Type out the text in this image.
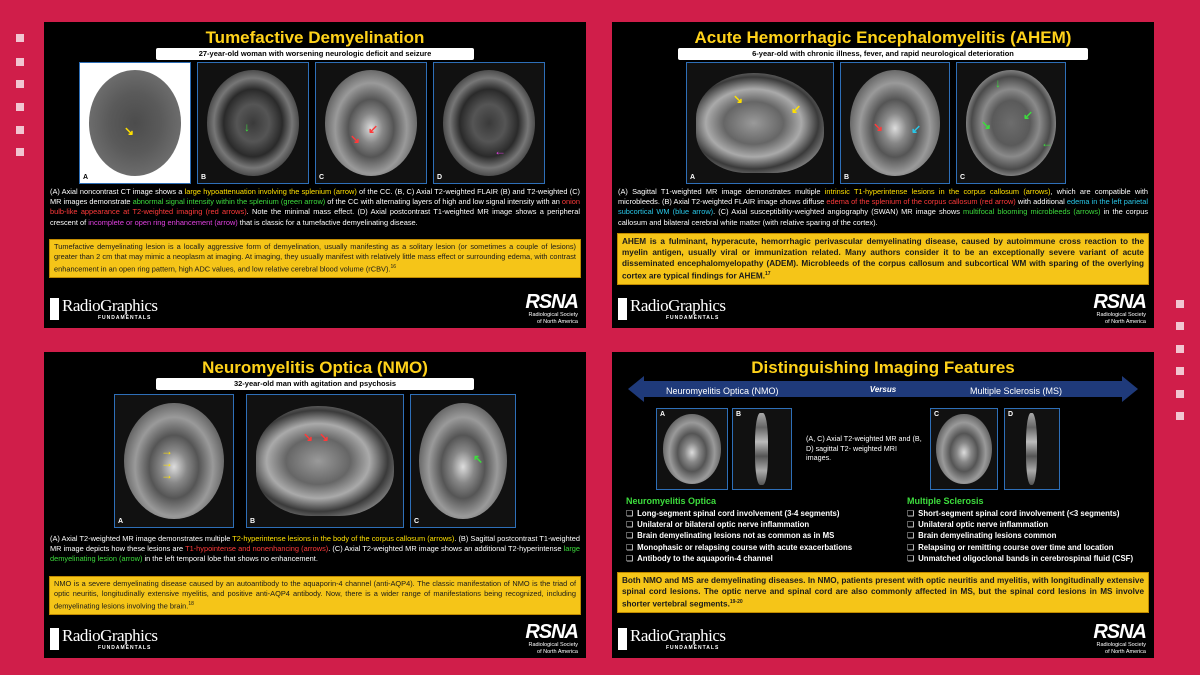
Tumefactive Demyelination
27-year-old woman with worsening neurologic deficit and seizure
↘
A
↓
B
↙
↘
C
←
D
(A) Axial noncontrast CT image shows a large hypoattenuation involving the splenium (arrow) of the CC. (B, C) Axial T2-weighted FLAIR (B) and T2-weighted (C) MR images demonstrate abnormal signal intensity within the splenium (green arrow) of the CC with alternating layers of high and low signal intensity with an onion bulb-like appearance at T2-weighted imaging (red arrows). Note the minimal mass effect. (D) Axial postcontrast T1-weighted MR image shows a peripheral crescent of incomplete or open ring enhancement (arrow) that is classic for a tumefactive demyelinating disease.
Tumefactive demyelinating lesion is a locally aggressive form of demyelination, usually manifesting as a solitary lesion (or sometimes a couple of lesions) greater than 2 cm that may mimic a neoplasm at imaging. At imaging, they usually manifest with relatively little mass effect or surrounding edema, with contrast enhancement in an open ring pattern, high ADC values, and low relative cerebral blood volume (rCBV).$^{16}$
RadioGraphics
FUNDAMENTALS
RSNA
Radiological Society
of North America
Acute Hemorrhagic Encephalomyelitis (AHEM)
6-year-old with chronic illness, fever, and rapid neurological deterioration
↘
↙
A
↘ ↙
B
↓
↘
↙
←
C
(A) Sagittal T1-weighted MR image demonstrates multiple intrinsic T1-hyperintense lesions in the corpus callosum (arrows), which are compatible with microbleeds. (B) Axial T2-weighted FLAIR image shows diffuse edema of the splenium of the corpus callosum (red arrow) with additional edema in the left parietal subcortical WM (blue arrow). (C) Axial susceptibility-weighted angiography (SWAN) MR image shows multifocal blooming microbleeds (arrows) in the corpus callosum and bilateral cerebral white matter (with relative sparing of the cortex).
AHEM is a fulminant, hyperacute, hemorrhagic perivascular demyelinating disease, caused by autoimmune cross reaction to the myelin antigen, usually viral or immunization related. Many authors consider it to be an exceptionally severe variant of acute disseminated encephalomyelopathy (ADEM). Microbleeds of the corpus callosum and subcortical WM with sparing of the overlying cortex are typical findings for AHEM.$^{17}$
RadioGraphics
FUNDAMENTALS
RSNA
Radiological Society
of North America
Neuromyelitis Optica (NMO)
32-year-old man with agitation and psychosis
→
→
→
A
↘ ↘
B
↖
C
(A) Axial T2-weighted MR image demonstrates multiple T2-hyperintense lesions in the body of the corpus callosum (arrows). (B) Sagittal postcontrast T1-weighted MR image depicts how these lesions are T1-hypointense and nonenhancing (arrows). (C) Axial T2-weighted MR image shows an additional T2-hyperintense large demyelinating lesion (arrow) in the left temporal lobe that shows no enhancement.
NMO is a severe demyelinating disease caused by an autoantibody to the aquaporin-4 channel (anti-AQP4). The classic manifestation of NMO is the triad of optic neuritis, longitudinally extensive myelitis, and positive anti-AQP4 antibody. Now, there is a wider range of manifestations being recognized, including demyelinating lesions involving the brain.$^{18}$
RadioGraphics
FUNDAMENTALS
RSNA
Radiological Society
of North America
Distinguishing Imaging Features
Neuromyelitis Optica (NMO)	Versus	Multiple Sclerosis (MS)
A	B
(A, C) Axial T2-weighted MR and (B, D) sagittal T2- weighted MRI images.
C	D
Neuromyelitis Optica
❏ Long-segment spinal cord involvement (3-4 segments)
❏ Unilateral or bilateral optic nerve inflammation
❏ Brain demyelinating lesions not as common as in MS
❏ Monophasic or relapsing course with acute exacerbations
❏ Antibody to the aquaporin-4 channel
Multiple Sclerosis
❏ Short-segment spinal cord involvement (<3 segments)
❏ Unilateral optic nerve inflammation
❏ Brain demyelinating lesions common
❏ Relapsing or remitting course over time and location
❏ Unmatched oligoclonal bands in cerebrospinal fluid (CSF)
Both NMO and MS are demyelinating diseases. In NMO, patients present with optic neuritis and myelitis, with longitudinally extensive spinal cord lesions. The optic nerve and spinal cord are also commonly affected in MS, but the spinal cord lesions in MS involve shorter vertebral segments.$^{19-20}$
RadioGraphics
FUNDAMENTALS
RSNA
Radiological Society
of North America
